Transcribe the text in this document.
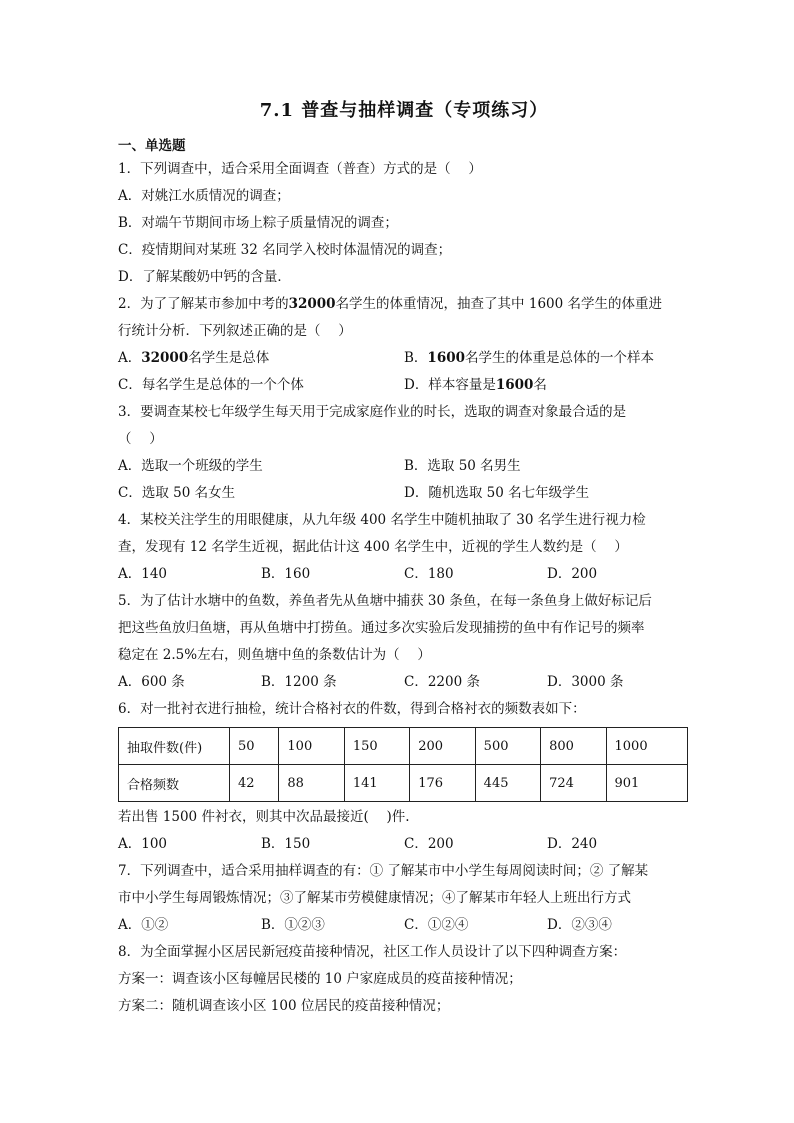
7.1 普查与抽样调查（专项练习）
一、单选题
1．下列调查中，适合采用全面调查（普查）方式的是（　 ）
A．对姚江水质情况的调查；
B．对端午节期间市场上粽子质量情况的调查；
C．疫情期间对某班 32 名同学入校时体温情况的调查；
D．了解某酸奶中钙的含量．
2．为了了解某市参加中考的32000名学生的体重情况，抽查了其中 1600 名学生的体重进
行统计分析．下列叙述正确的是（　 ）
A．32000名学生是总体	B．1600名学生的体重是总体的一个样本
C．每名学生是总体的一个个体	D．样本容量是1600名
3．要调查某校七年级学生每天用于完成家庭作业的时长，选取的调查对象最合适的是
（　 ）
A．选取一个班级的学生	B．选取 50 名男生
C．选取 50 名女生	D．随机选取 50 名七年级学生
4．某校关注学生的用眼健康，从九年级 400 名学生中随机抽取了 30 名学生进行视力检
查，发现有 12 名学生近视，据此估计这 400 名学生中，近视的学生人数约是（　 ）
A．140	B．160	C．180	D．200
5．为了估计水塘中的鱼数，养鱼者先从鱼塘中捕获 30 条鱼，在每一条鱼身上做好标记后
把这些鱼放归鱼塘，再从鱼塘中打捞鱼。通过多次实验后发现捕捞的鱼中有作记号的频率
稳定在 2.5%左右，则鱼塘中鱼的条数估计为（　 ）
A．600 条	B．1200 条	C．2200 条	D．3000 条
6．对一批衬衣进行抽检，统计合格衬衣的件数，得到合格衬衣的频数表如下：
抽取件数(件)	50	100	150	200	500	800	1000
合格频数	42	88	141	176	445	724	901
若出售 1500 件衬衣，则其中次品最接近(　 )件.
A．100	B．150	C．200	D．240
7．下列调查中，适合采用抽样调查的有：① 了解某市中小学生每周阅读时间；② 了解某
市中小学生每周锻炼情况；③了解某市劳模健康情况；④了解某市年轻人上班出行方式
A．①②	B．①②③	C．①②④	D．②③④
8．为全面掌握小区居民新冠疫苗接种情况，社区工作人员设计了以下四种调查方案：
方案一：调查该小区每幢居民楼的 10 户家庭成员的疫苗接种情况；
方案二：随机调查该小区 100 位居民的疫苗接种情况；
